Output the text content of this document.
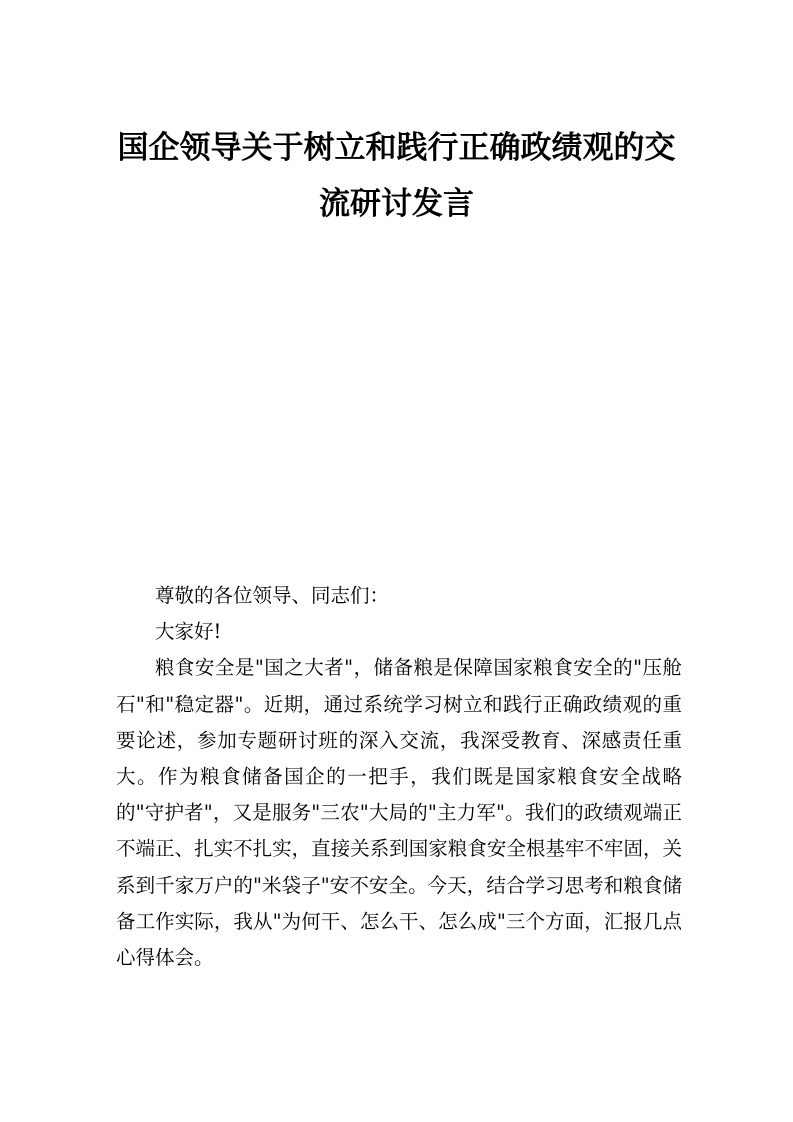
国企领导关于树立和践行正确政绩观的交
流研讨发言

尊敬的各位领导、同志们：

大家好!

粮食安全是"国之大者"，储备粮是保障国家粮食安全的"压舱石"和"稳定器"。近期，通过系统学习树立和践行正确政绩观的重要论述，参加专题研讨班的深入交流，我深受教育、深感责任重大。作为粮食储备国企的一把手，我们既是国家粮食安全战略的"守护者"，又是服务"三农"大局的"主力军"。我们的政绩观端正不端正、扎实不扎实，直接关系到国家粮食安全根基牢不牢固，关系到千家万户的"米袋子"安不安全。今天，结合学习思考和粮食储备工作实际，我从"为何干、怎么干、怎么成"三个方面，汇报几点心得体会。
